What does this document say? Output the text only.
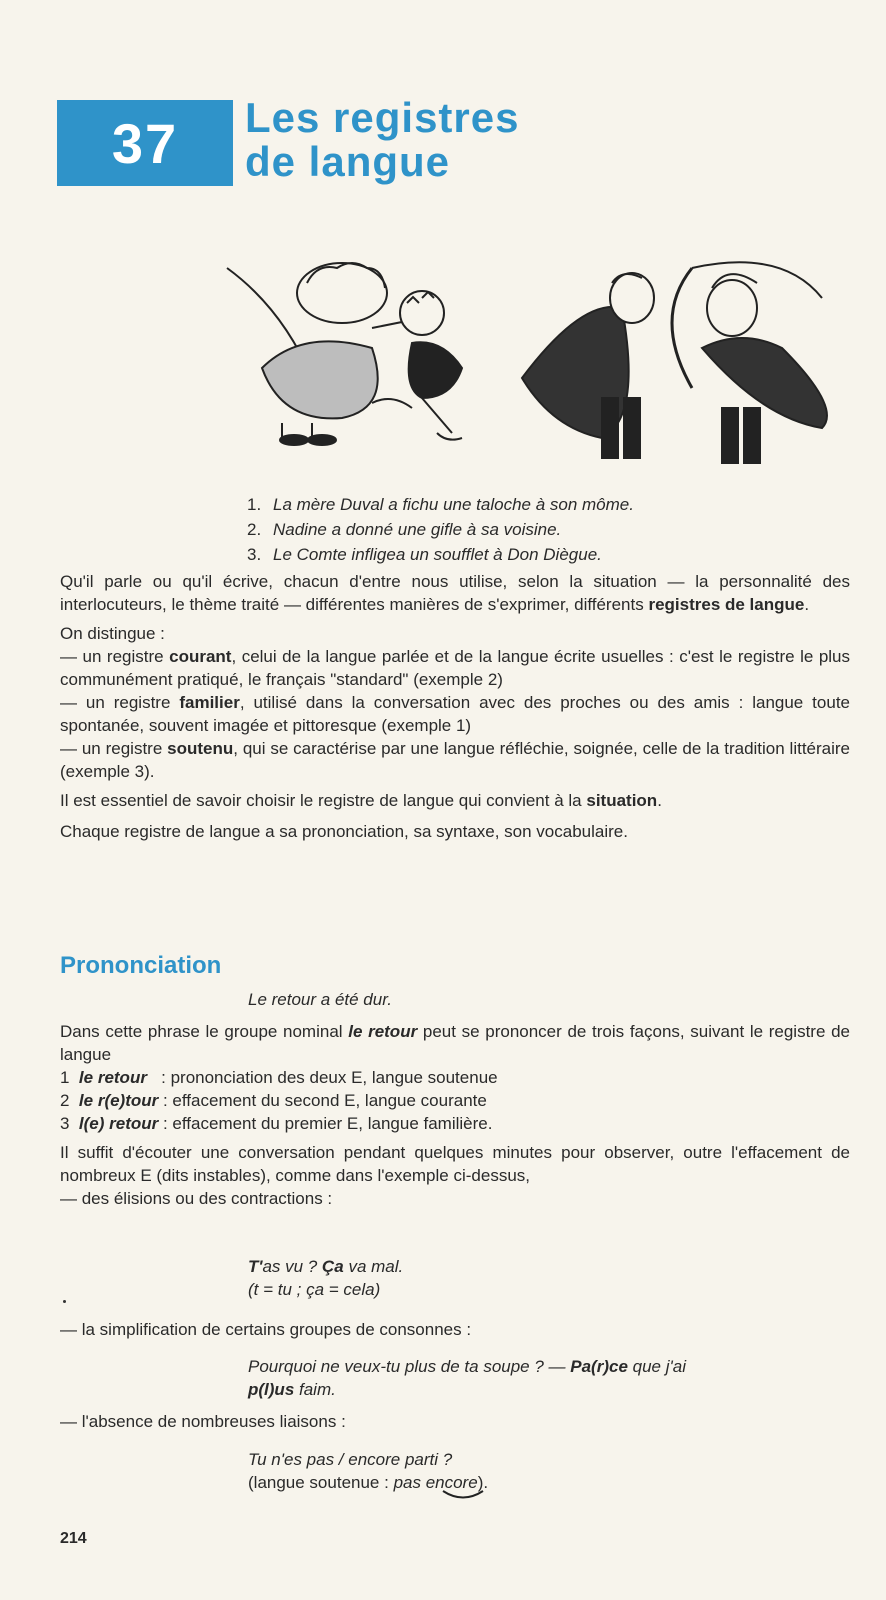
37	Les registres
de langue
1. La mère Duval a fichu une taloche à son môme.
2. Nadine a donné une gifle à sa voisine.
3. Le Comte infligea un soufflet à Don Diègue.

Qu'il parle ou qu'il écrive, chacun d'entre nous utilise, selon la situation — la personnalité des interlocuteurs, le thème traité — différentes manières de s'exprimer, différents registres de langue.

On distingue :

— un registre courant, celui de la langue parlée et de la langue écrite usuelles : c'est le registre le plus communément pratiqué, le français "standard" (exemple 2)

— un registre familier, utilisé dans la conversation avec des proches ou des amis : langue toute spontanée, souvent imagée et pittoresque (exemple 1)

— un registre soutenu, qui se caractérise par une langue réfléchie, soignée, celle de la tradition littéraire (exemple 3).

Il est essentiel de savoir choisir le registre de langue qui convient à la situation.

Chaque registre de langue a sa prononciation, sa syntaxe, son vocabulaire.

Prononciation
Le retour a été dur.

Dans cette phrase le groupe nominal le retour peut se prononcer de trois façons, suivant le registre de langue

1 le retour   : prononciation des deux E, langue soutenue

2 le r(e)tour : effacement du second E, langue courante

3 l(e) retour : effacement du premier E, langue familière.

Il suffit d'écouter une conversation pendant quelques minutes pour observer, outre l'effacement de nombreux E (dits instables), comme dans l'exemple ci-dessus,

— des élisions ou des contractions :

T'as vu ? Ça va mal.
(t = tu ; ça = cela)
— la simplification de certains groupes de consonnes :
Pourquoi ne veux-tu plus de ta soupe ? — Pa(r)ce que j'ai
p(l)us faim.
— l'absence de nombreuses liaisons :
Tu n'es pas / encore parti ?
(langue soutenue : pas encore).
214
